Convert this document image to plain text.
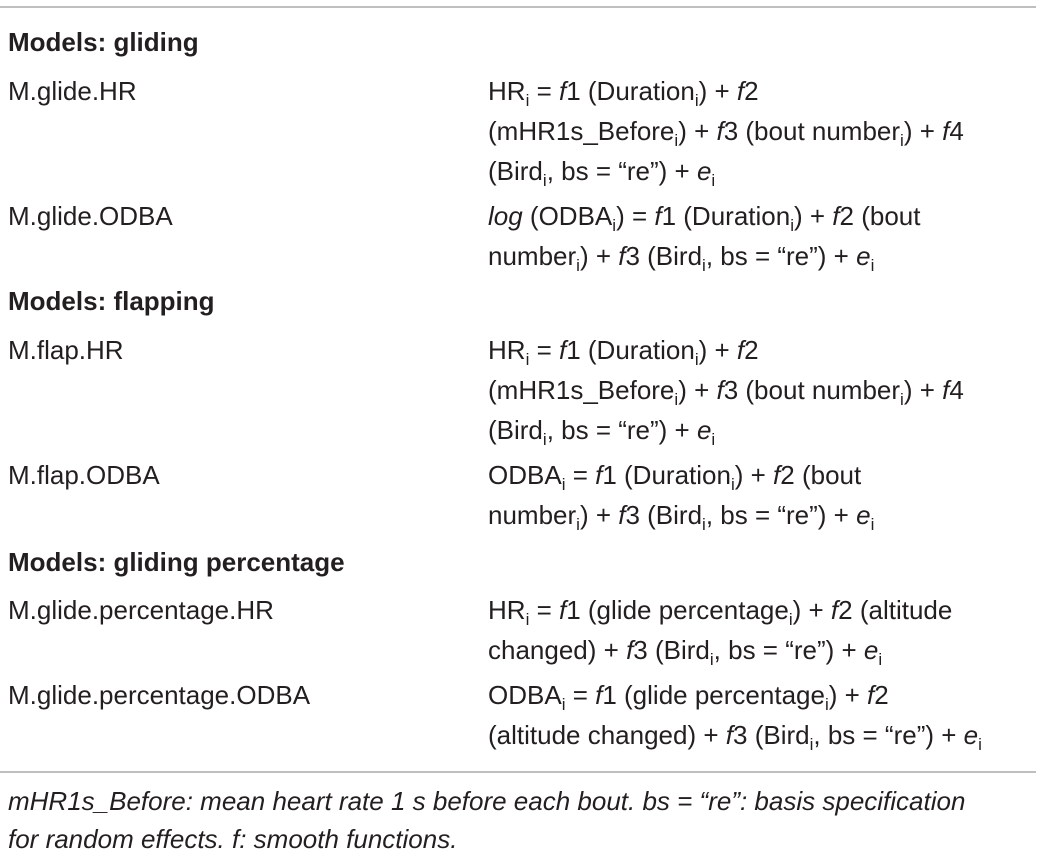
Models: gliding
M.glide.HR	$HR_i = f1$ (Duration$_i$) + f2
(mHR1s_Before$_i$) + f3 (bout number$_i$) + f4
(Bird$_i$, bs = “re”) + $e_i$
M.glide.ODBA	$\log (ODBA_i) = f1$ (Duration$_i$) + f2 (bout
number$_i$) + f3 (Bird$_i$, bs = “re”) + $e_i$
Models: flapping
M.flap.HR	$HR_i = f1$ (Duration$_i$) + f2
(mHR1s_Before$_i$) + f3 (bout number$_i$) + f4
(Bird$_i$, bs = “re”) + $e_i$
M.flap.ODBA	$ODBA_i = f1$ (Duration$_i$) + f2 (bout
number$_i$) + f3 (Bird$_i$, bs = “re”) + $e_i$
Models: gliding percentage
M.glide.percentage.HR	$HR_i = f1$ (glide percentage$_i$) + f2 (altitude
changed) + f3 (Bird$_i$, bs = “re”) + $e_i$
M.glide.percentage.ODBA	$ODBA_i = f1$ (glide percentage$_i$) + f2
(altitude changed) + f3 (Bird$_i$, bs = “re”) + $e_i$
mHR1s_Before: mean heart rate 1 s before each bout. bs = “re”: basis specification
for random effects. f: smooth functions.
